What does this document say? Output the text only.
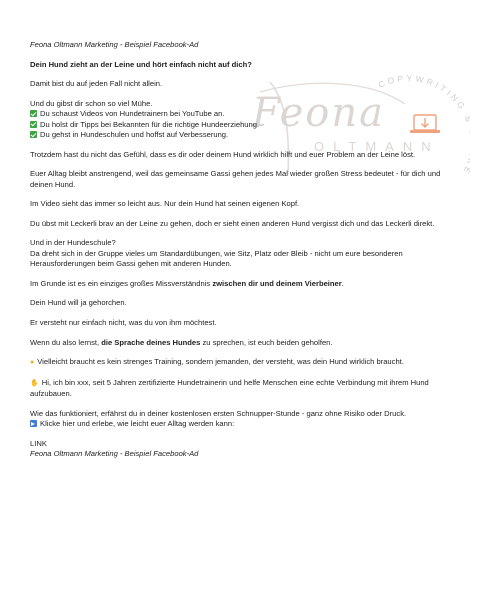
COPYWRITING
Feona
OLTMANN
Feona Oltmann Marketing - Beispiel Facebook-Ad
Dein Hund zieht an der Leine und hört einfach nicht auf dich?
Damit bist du auf jeden Fall nicht allein.
Und du gibst dir schon so viel Mühe.
Du schaust Videos von Hundetrainern bei YouTube an.
Du holst dir Tipps bei Bekannten für die richtige Hundeerziehung.
Du gehst in Hundeschulen und hoffst auf Verbesserung.
Trotzdem hast du nicht das Gefühl, dass es dir oder deinem Hund wirklich hilft und euer Problem an der Leine löst.
Euer Alltag bleibt anstrengend, weil das gemeinsame Gassi gehen jedes Mal wieder großen Stress bedeutet - für dich und deinen Hund.
Im Video sieht das immer so leicht aus. Nur dein Hund hat seinen eigenen Kopf.
Du übst mit Leckerli brav an der Leine zu gehen, doch er sieht einen anderen Hund vergisst dich und das Leckerli direkt.
Und in der Hundeschule?
Da dreht sich in der Gruppe vieles um Standardübungen, wie Sitz, Platz oder Bleib - nicht um eure besonderen Herausforderungen beim Gassi gehen mit anderen Hunden.
Im Grunde ist es ein einziges großes Missverständnis zwischen dir und deinem Vierbeiner.
Dein Hund will ja gehorchen.
Er versteht nur einfach nicht, was du von ihm möchtest.
Wenn du also lernst, die Sprache deines Hundes zu sprechen, ist euch beiden geholfen.
● Vielleicht braucht es kein strenges Training, sondern jemanden, der versteht, was dein Hund wirklich braucht.
✋ Hi, ich bin xxx, seit 5 Jahren zertifizierte Hundetrainerin und helfe Menschen eine echte Verbindung mit ihrem Hund aufzubauen.
Wie das funktioniert, erfährst du in deiner kostenlosen ersten Schnupper-Stunde - ganz ohne Risiko oder Druck.
Klicke hier und erlebe, wie leicht euer Alltag werden kann:
LINK
Feona Oltmann Marketing - Beispiel Facebook-Ad
